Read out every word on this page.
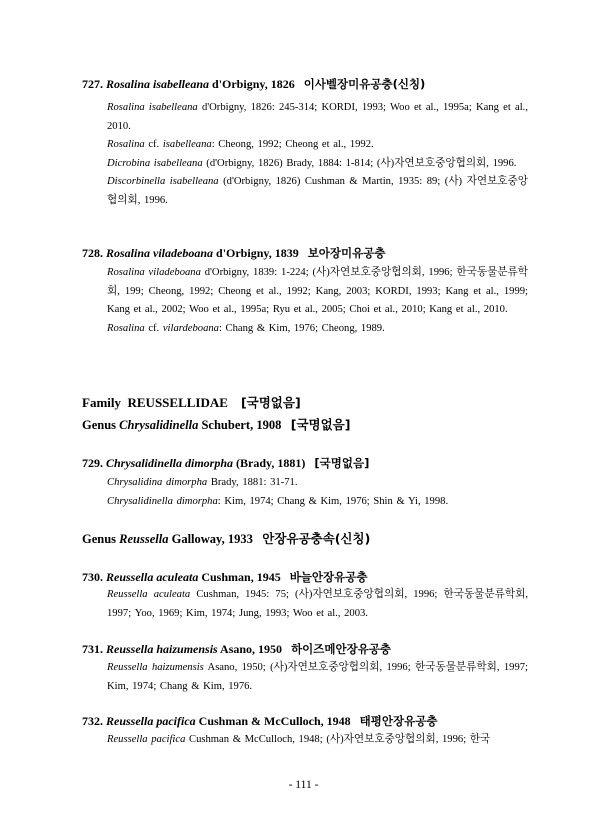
727. Rosalina isabelleana d'Orbigny, 1826 이사벨장미유공충(신칭)
Rosalina isabelleana d'Orbigny, 1826: 245-314; KORDI, 1993; Woo et al., 1995a; Kang et al., 2010.
Rosalina cf. isabelleana: Cheong, 1992; Cheong et al., 1992.
Dicrobina isabelleana (d'Orbigny, 1826) Brady, 1884: 1-814; (사)자연보호중앙협의회, 1996.
Discorbinella isabelleana (d'Orbigny, 1826) Cushman & Martin, 1935: 89; (사) 자연보호중앙협의회, 1996.
728. Rosalina viladeboana d'Orbigny, 1839 보아장미유공충
Rosalina viladeboana d'Orbigny, 1839: 1-224; (사)자연보호중앙협의회, 1996; 한국동물분류학회, 199; Cheong, 1992; Cheong et al., 1992; Kang, 2003; KORDI, 1993; Kang et al., 1999; Kang et al., 2002; Woo et al., 1995a; Ryu et al., 2005; Choi et al., 2010; Kang et al., 2010.
Rosalina cf. vilardeboana: Chang & Kim, 1976; Cheong, 1989.
Family REUSSELLIDAE [국명없음]
Genus Chrysalidinella Schubert, 1908 [국명없음]
729. Chrysalidinella dimorpha (Brady, 1881) [국명없음]
Chrysalidina dimorpha Brady, 1881: 31-71.
Chrysalidinella dimorpha: Kim, 1974; Chang & Kim, 1976; Shin & Yi, 1998.
Genus Reussella Galloway, 1933 안장유공충속(신칭)
730. Reussella aculeata Cushman, 1945 바늘안장유공충
Reussella aculeata Cushman, 1945: 75; (사)자연보호중앙협의회, 1996; 한국동물분류학회, 1997; Yoo, 1969; Kim, 1974; Jung, 1993; Woo et al., 2003.
731. Reussella haizumensis Asano, 1950 하이즈메안장유공충
Reussella haizumensis Asano, 1950; (사)자연보호중앙협의회, 1996; 한국동물분류학회, 1997; Kim, 1974; Chang & Kim, 1976.
732. Reussella pacifica Cushman & McCulloch, 1948 태평안장유공충
Reussella pacifica Cushman & McCulloch, 1948; (사)자연보호중앙협의회, 1996; 한국
- 111 -
